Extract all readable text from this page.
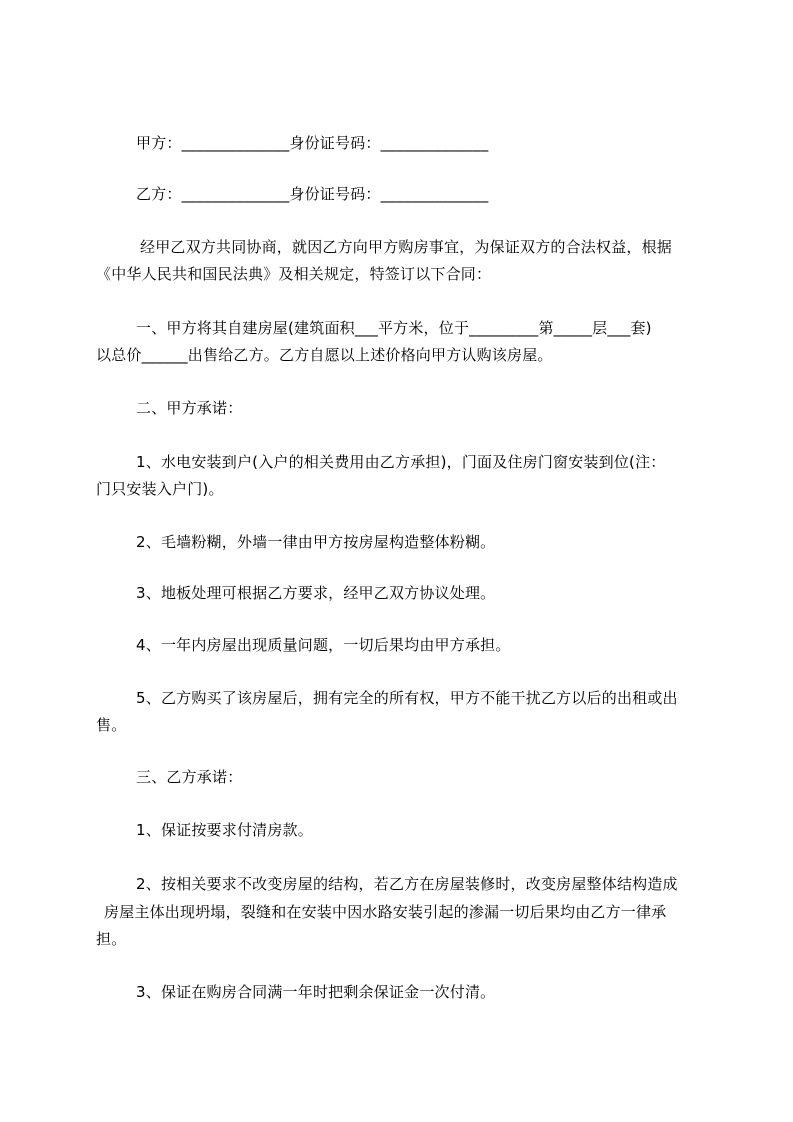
甲方：______________身份证号码：______________
乙方：______________身份证号码：______________
经甲乙双方共同协商，就因乙方向甲方购房事宜，为保证双方的合法权益，根据
《中华人民共和国民法典》及相关规定，特签订以下合同：
一、甲方将其自建房屋(建筑面积___平方米，位于_________第_____层___套)
以总价______出售给乙方。乙方自愿以上述价格向甲方认购该房屋。
二、甲方承诺：
1、水电安装到户(入户的相关费用由乙方承担)，门面及住房门窗安装到位(注：
门只安装入户门)。
2、毛墙粉糊，外墙一律由甲方按房屋构造整体粉糊。
3、地板处理可根据乙方要求，经甲乙双方协议处理。
4、一年内房屋出现质量问题，一切后果均由甲方承担。
5、乙方购买了该房屋后，拥有完全的所有权，甲方不能干扰乙方以后的出租或出
售。
三、乙方承诺：
1、保证按要求付清房款。
2、按相关要求不改变房屋的结构，若乙方在房屋装修时，改变房屋整体结构造成
房屋主体出现坍塌，裂缝和在安装中因水路安装引起的渗漏一切后果均由乙方一律承
担。
3、保证在购房合同满一年时把剩余保证金一次付清。
